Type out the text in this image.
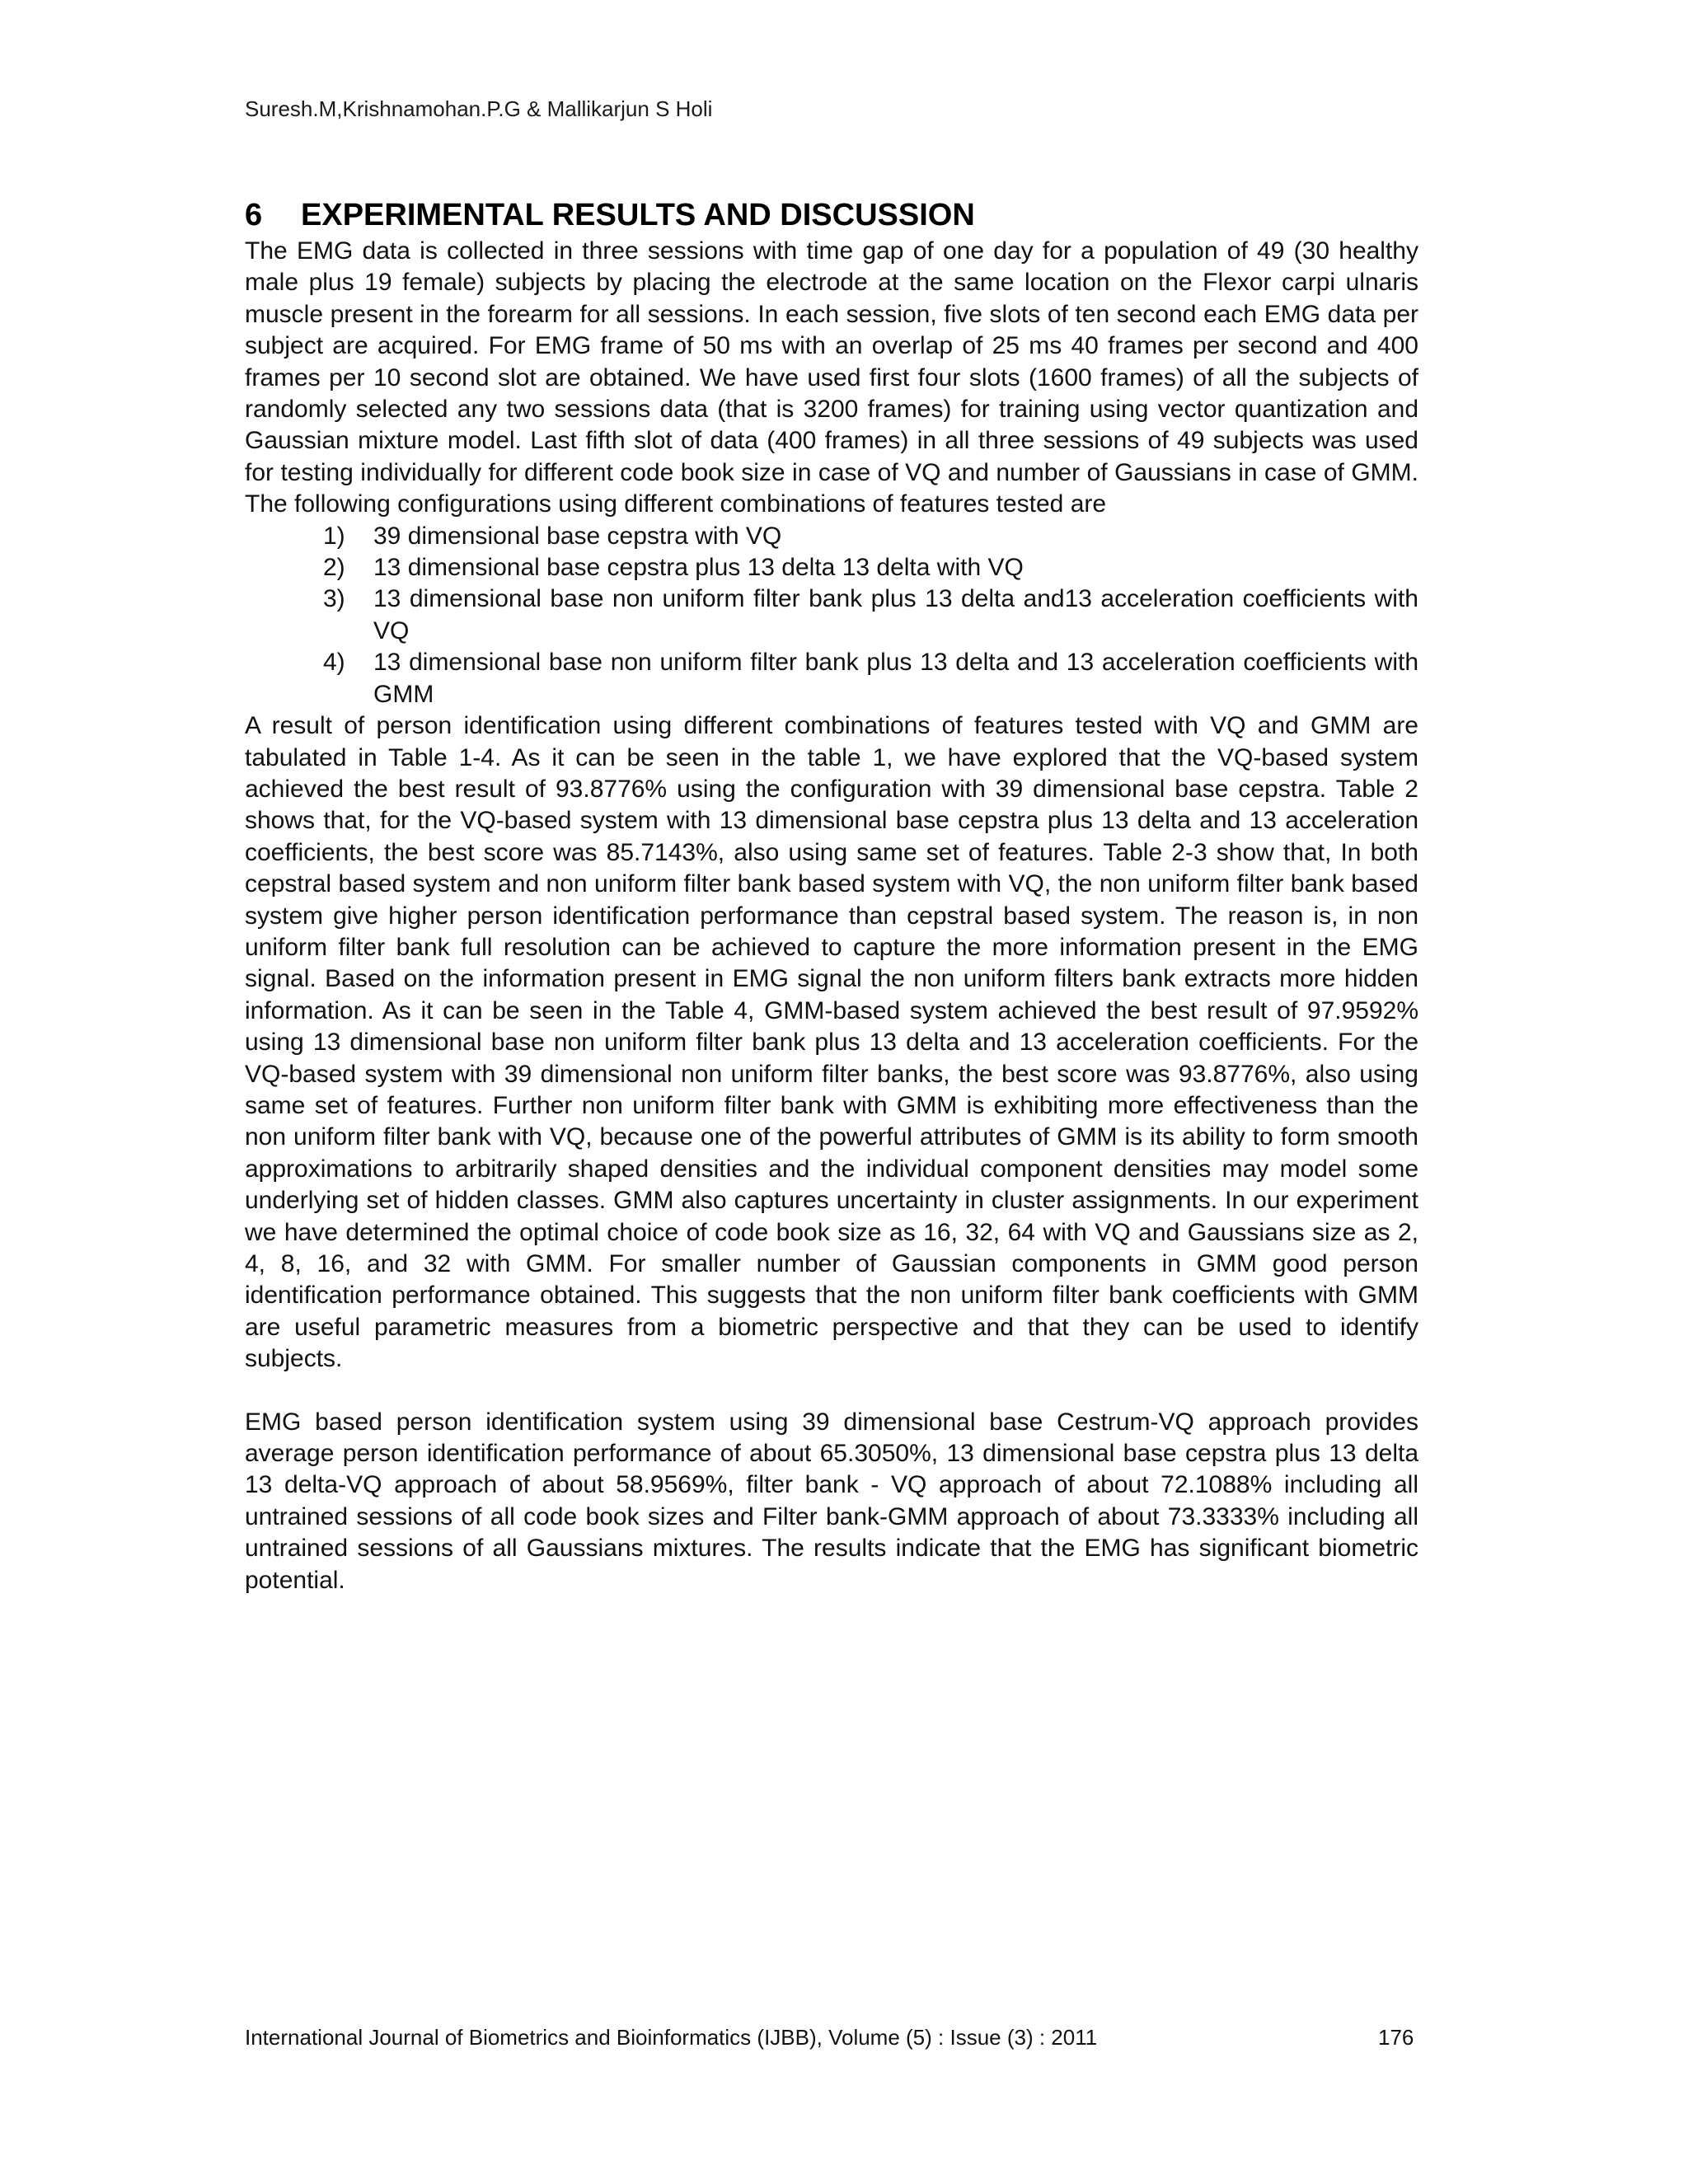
Suresh.M,Krishnamohan.P.G & Mallikarjun S Holi
6 EXPERIMENTAL RESULTS AND DISCUSSION

The EMG data is collected in three sessions with time gap of one day for a population of 49 (30 healthy male plus 19 female) subjects by placing the electrode at the same location on the Flexor carpi ulnaris muscle present in the forearm for all sessions. In each session, five slots of ten second each EMG data per subject are acquired. For EMG frame of 50 ms with an overlap of 25 ms 40 frames per second and 400 frames per 10 second slot are obtained. We have used first four slots (1600 frames) of all the subjects of randomly selected any two sessions data (that is 3200 frames) for training using vector quantization and Gaussian mixture model. Last fifth slot of data (400 frames) in all three sessions of 49 subjects was used for testing individually for different code book size in case of VQ and number of Gaussians in case of GMM. The following configurations using different combinations of features tested are

1) 39 dimensional base cepstra with VQ
2) 13 dimensional base cepstra plus 13 delta 13 delta with VQ
3) 13 dimensional base non uniform filter bank plus 13 delta and13 acceleration coefficients with VQ
4) 13 dimensional base non uniform filter bank plus 13 delta and 13 acceleration coefficients with GMM

A result of person identification using different combinations of features tested with VQ and GMM are tabulated in Table 1-4. As it can be seen in the table 1, we have explored that the VQ-based system achieved the best result of 93.8776% using the configuration with 39 dimensional base cepstra. Table 2 shows that, for the VQ-based system with 13 dimensional base cepstra plus 13 delta and 13 acceleration coefficients, the best score was 85.7143%, also using same set of features. Table 2-3 show that, In both cepstral based system and non uniform filter bank based system with VQ, the non uniform filter bank based system give higher person identification performance than cepstral based system. The reason is, in non uniform filter bank full resolution can be achieved to capture the more information present in the EMG signal. Based on the information present in EMG signal the non uniform filters bank extracts more hidden information. As it can be seen in the Table 4, GMM-based system achieved the best result of 97.9592% using 13 dimensional base non uniform filter bank plus 13 delta and 13 acceleration coefficients. For the VQ-based system with 39 dimensional non uniform filter banks, the best score was 93.8776%, also using same set of features. Further non uniform filter bank with GMM is exhibiting more effectiveness than the non uniform filter bank with VQ, because one of the powerful attributes of GMM is its ability to form smooth approximations to arbitrarily shaped densities and the individual component densities may model some underlying set of hidden classes. GMM also captures uncertainty in cluster assignments. In our experiment we have determined the optimal choice of code book size as 16, 32, 64 with VQ and Gaussians size as 2, 4, 8, 16, and 32 with GMM. For smaller number of Gaussian components in GMM good person identification performance obtained. This suggests that the non uniform filter bank coefficients with GMM are useful parametric measures from a biometric perspective and that they can be used to identify subjects.

EMG based person identification system using 39 dimensional base Cestrum-VQ approach provides average person identification performance of about 65.3050%, 13 dimensional base cepstra plus 13 delta 13 delta-VQ approach of about 58.9569%, filter bank - VQ approach of about 72.1088% including all untrained sessions of all code book sizes and Filter bank-GMM approach of about 73.3333% including all untrained sessions of all Gaussians mixtures. The results indicate that the EMG has significant biometric potential.

International Journal of Biometrics and Bioinformatics (IJBB), Volume (5) : Issue (3) : 2011	176
